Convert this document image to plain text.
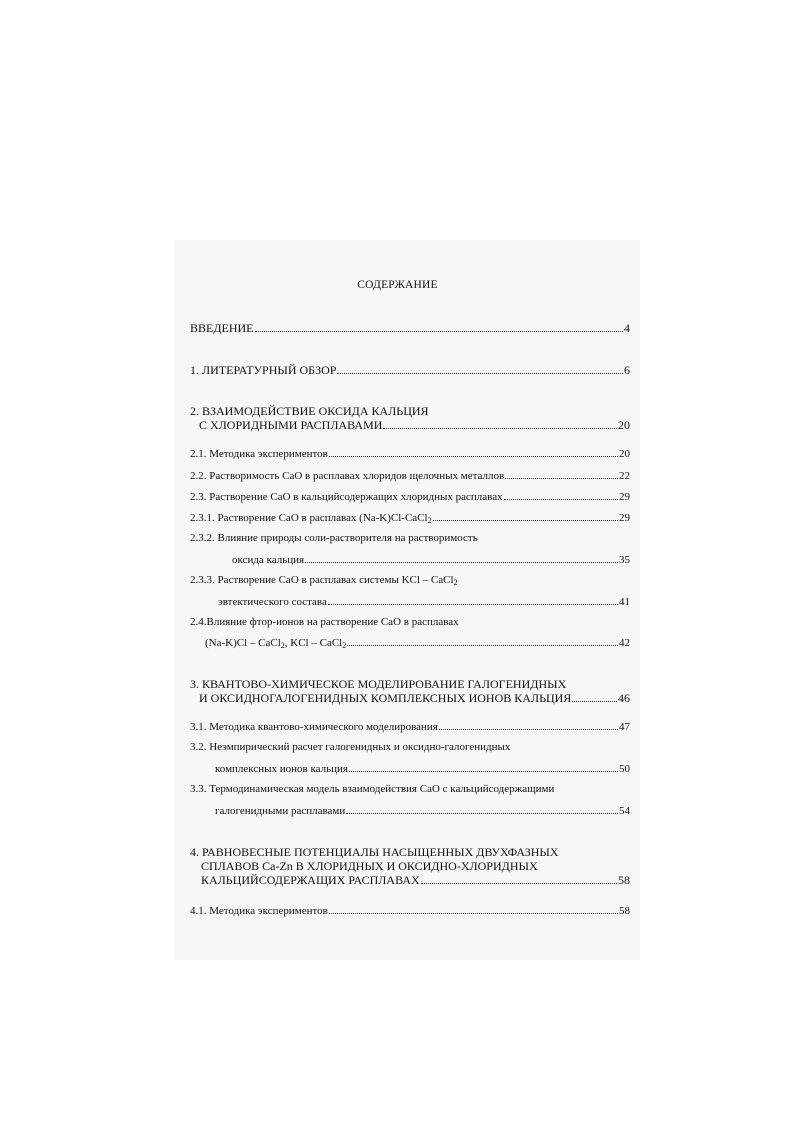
СОДЕРЖАНИЕ
ВВЕДЕНИЕ	4
1. ЛИТЕРАТУРНЫЙ ОБЗОР	6
2. ВЗАИМОДЕЙСТВИЕ ОКСИДА КАЛЬЦИЯ
С ХЛОРИДНЫМИ РАСПЛАВАМИ	20
2.1. Методика экспериментов	20
2.2. Растворимость CaO в расплавах хлоридов щелочных металлов	22
2.3. Растворение CaO в кальцийсодержащих хлоридных расплавах	29
2.3.1. Растворение CaO в расплавах (Na-K)Cl-CaCl$_2$	29
2.3.2. Влияние природы соли-растворителя на растворимость
оксида кальция	35
2.3.3. Растворение CaO в расплавах системы KCl – CaCl$_2$
эвтектического состава	41
2.4.Влияние фтор-ионов на растворение CaO в расплавах
(Na-K)Cl – CaCl$_2$, KCl – CaCl$_2$	42
3. КВАНТОВО-ХИМИЧЕСКОЕ МОДЕЛИРОВАНИЕ ГАЛОГЕНИДНЫХ
И ОКСИДНОГАЛОГЕНИДНЫХ КОМПЛЕКСНЫХ ИОНОВ КАЛЬЦИЯ	46
3.1. Методика квантово-химического моделирования	47
3.2. Неэмпирический расчет галогенидных и оксидно-галогенидных
комплексных ионов кальция	50
3.3. Термодинамическая модель взаимодействия CaO с кальцийсодержащими
галогенидными расплавами	54
4. РАВНОВЕСНЫЕ ПОТЕНЦИАЛЫ НАСЫЩЕННЫХ ДВУХФАЗНЫХ
СПЛАВОВ Ca-Zn В ХЛОРИДНЫХ И ОКСИДНО-ХЛОРИДНЫХ
КАЛЬЦИЙСОДЕРЖАЩИХ РАСПЛАВАХ	58
4.1. Методика экспериментов	58
